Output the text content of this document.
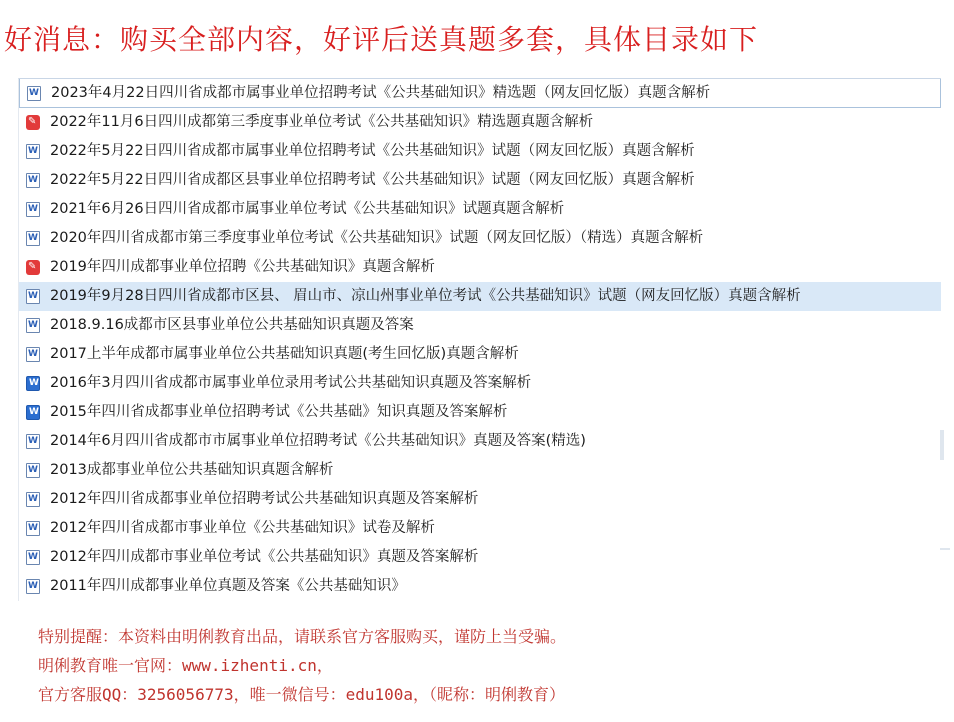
好消息：购买全部内容，好评后送真题多套，具体目录如下
W
2023年4月22日四川省成都市属事业单位招聘考试《公共基础知识》精选题（网友回忆版）真题含解析
✎
2022年11月6日四川成都第三季度事业单位考试《公共基础知识》精选题真题含解析
W
2022年5月22日四川省成都市属事业单位招聘考试《公共基础知识》试题（网友回忆版）真题含解析
W
2022年5月22日四川省成都区县事业单位招聘考试《公共基础知识》试题（网友回忆版）真题含解析
W
2021年6月26日四川省成都市属事业单位考试《公共基础知识》试题真题含解析
W
2020年四川省成都市第三季度事业单位考试《公共基础知识》试题（网友回忆版）（精选）真题含解析
✎
2019年四川成都事业单位招聘《公共基础知识》真题含解析
W
2019年9月28日四川省成都市区县、 眉山市、凉山州事业单位考试《公共基础知识》试题（网友回忆版）真题含解析
W
2018.9.16成都市区县事业单位公共基础知识真题及答案
W
2017上半年成都市属事业单位公共基础知识真题(考生回忆版)真题含解析
W
2016年3月四川省成都市属事业单位录用考试公共基础知识真题及答案解析
W
2015年四川省成都事业单位招聘考试《公共基础》知识真题及答案解析
W
2014年6月四川省成都市市属事业单位招聘考试《公共基础知识》真题及答案(精选)
W
2013成都事业单位公共基础知识真题含解析
W
2012年四川省成都事业单位招聘考试公共基础知识真题及答案解析
W
2012年四川省成都市事业单位《公共基础知识》试卷及解析
W
2012年四川成都市事业单位考试《公共基础知识》真题及答案解析
W
2011年四川成都事业单位真题及答案《公共基础知识》
特别提醒：本资料由明俐教育出品，请联系官方客服购买，谨防上当受骗。
明俐教育唯一官网：www.izhenti.cn，
官方客服QQ：3256056773，唯一微信号：edu100a，（昵称：明俐教育）
